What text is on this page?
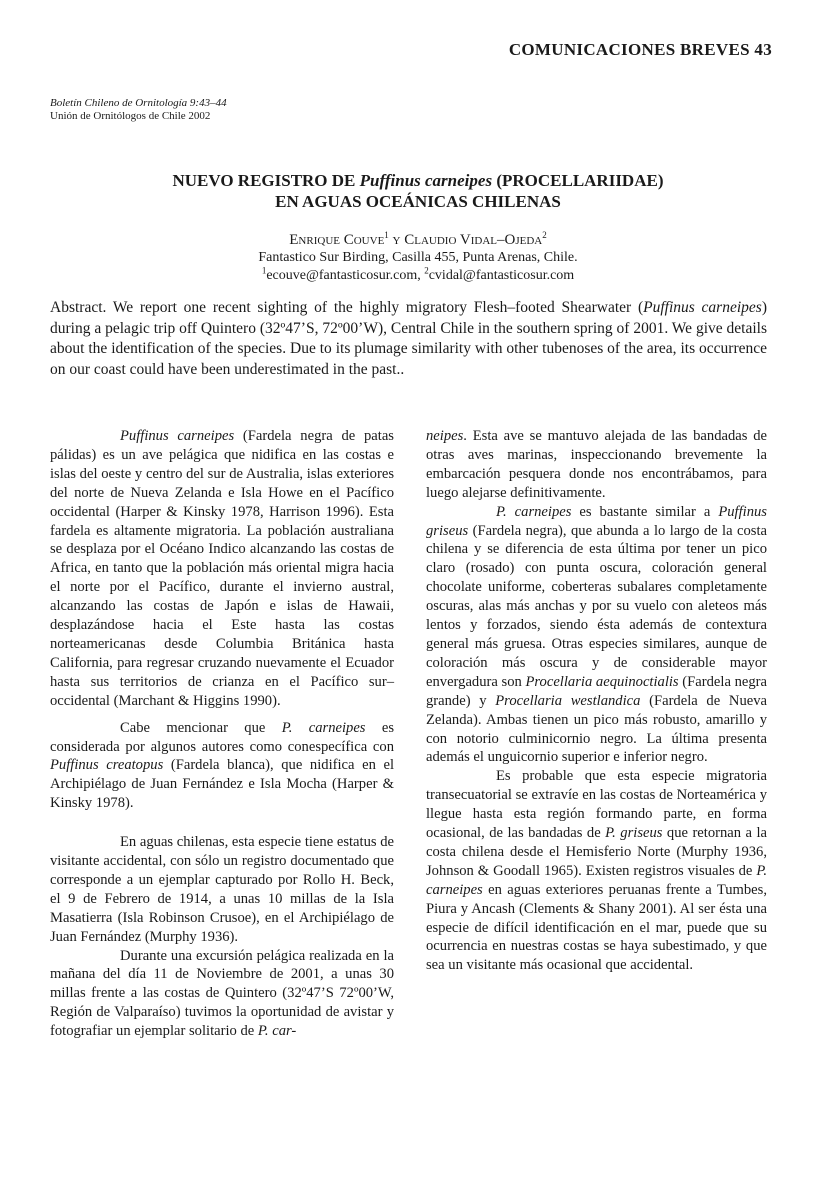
COMUNICACIONES BREVES 43
Boletín Chileno de Ornitología 9:43–44
Unión de Ornitólogos de Chile 2002
NUEVO REGISTRO DE Puffinus carneipes (PROCELLARIIDAE)
EN AGUAS OCEÁNICAS CHILENAS
Enrique Couve$^1$ y Claudio Vidal–Ojeda$^2$
Fantastico Sur Birding, Casilla 455, Punta Arenas, Chile.
$^1$ecouve@fantasticosur.com, $^2$cvidal@fantasticosur.com
Abstract. We report one recent sighting of the highly migratory Flesh–footed Shearwater (Puffinus carneipes) during a pelagic trip off Quintero (32º47’S, 72º00’W), Central Chile in the southern spring of 2001. We give details about the identification of the species. Due to its plumage similarity with other tubenoses of the area, its occurrence on our coast could have been underestimated in the past..

Puffinus carneipes (Fardela negra de patas pálidas) es un ave pelágica que nidifica en las costas e islas del oeste y centro del sur de Australia, islas exteriores del norte de Nueva Zelanda e Isla Howe en el Pacífico occidental (Harper & Kinsky 1978, Harrison 1996). Esta fardela es altamente migratoria. La población australiana se desplaza por el Océano Indico alcanzando las costas de Africa, en tanto que la población más oriental migra hacia el norte por el Pacífico, durante el invierno austral, alcanzando las costas de Japón e islas de Hawaii, desplazándose hacia el Este hasta las costas norteamericanas desde Columbia Británica hasta California, para regresar cruzando nuevamente el Ecuador hasta sus territorios de crianza en el Pacífico sur–occidental (Marchant & Higgins 1990).

Cabe mencionar que P. carneipes es considerada por algunos autores como conespecífica con Puffinus creatopus (Fardela blanca), que nidifica en el Archipiélago de Juan Fernández e Isla Mocha (Harper & Kinsky 1978).

En aguas chilenas, esta especie tiene estatus de visitante accidental, con sólo un registro documentado que corresponde a un ejemplar capturado por Rollo H. Beck, el 9 de Febrero de 1914, a unas 10 millas de la Isla Masatierra (Isla Robinson Crusoe), en el Archipiélago de Juan Fernández (Murphy 1936).

Durante una excursión pelágica realizada en la mañana del día 11 de Noviembre de 2001, a unas 30 millas frente a las costas de Quintero (32º47’S 72º00’W, Región de Valparaíso) tuvimos la oportunidad de avistar y fotografiar un ejemplar solitario de P. car-

neipes. Esta ave se mantuvo alejada de las bandadas de otras aves marinas, inspeccionando brevemente la embarcación pesquera donde nos encontrábamos, para luego alejarse definitivamente.

P. carneipes es bastante similar a Puffinus griseus (Fardela negra), que abunda a lo largo de la costa chilena y se diferencia de esta última por tener un pico claro (rosado) con punta oscura, coloración general chocolate uniforme, coberteras subalares completamente oscuras, alas más anchas y por su vuelo con aleteos más lentos y forzados, siendo ésta además de contextura general más gruesa. Otras especies similares, aunque de coloración más oscura y de considerable mayor envergadura son Procellaria aequinoctialis (Fardela negra grande) y Procellaria westlandica (Fardela de Nueva Zelanda). Ambas tienen un pico más robusto, amarillo y con notorio culminicornio negro. La última presenta además el unguicornio superior e inferior negro.

Es probable que esta especie migratoria transecuatorial se extravíe en las costas de Norteamérica y llegue hasta esta región formando parte, en forma ocasional, de las bandadas de P. griseus que retornan a la costa chilena desde el Hemisferio Norte (Murphy 1936, Johnson & Goodall 1965). Existen registros visuales de P. carneipes en aguas exteriores peruanas frente a Tumbes, Piura y Ancash (Clements & Shany 2001). Al ser ésta una especie de difícil identificación en el mar, puede que su ocurrencia en nuestras costas se haya subestimado, y que sea un visitante más ocasional que accidental.
